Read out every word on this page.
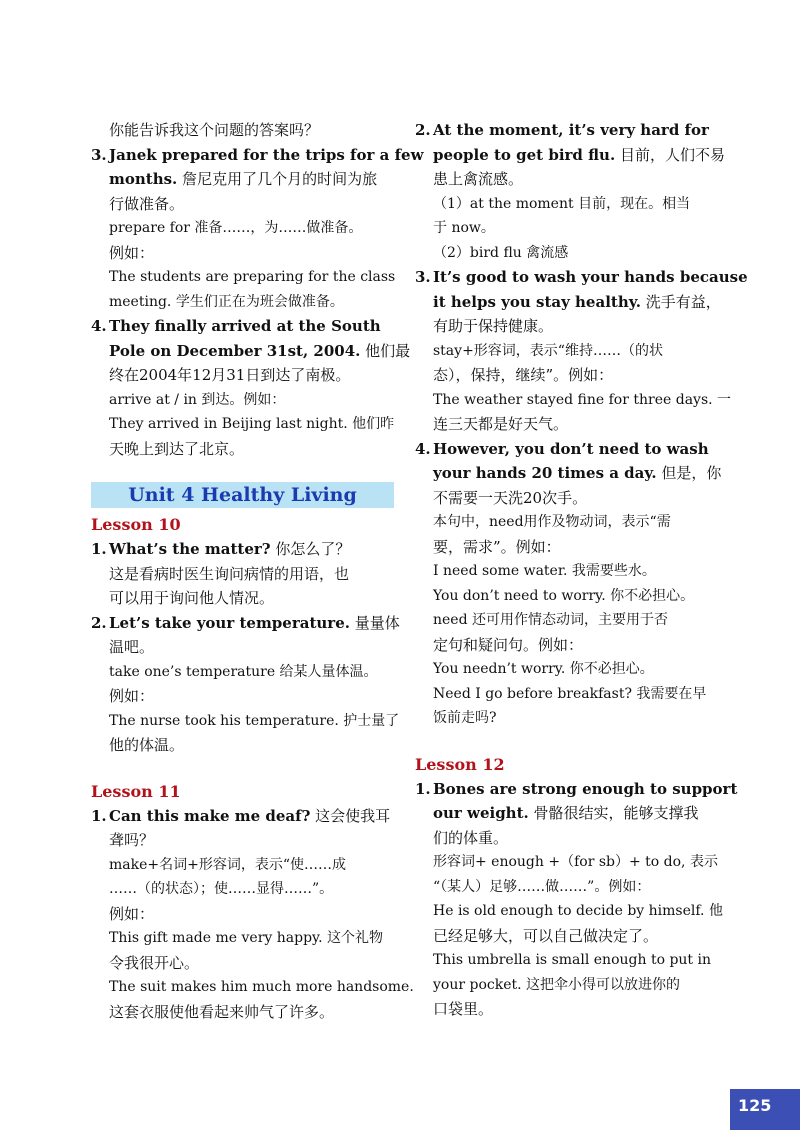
你能告诉我这个问题的答案吗？
3. Janek prepared for the trips for a few
months. 詹尼克用了几个月的时间为旅
行做准备。
prepare for 准备……，为……做准备。
例如：
The students are preparing for the class
meeting. 学生们正在为班会做准备。
4. They finally arrived at the South
Pole on December 31st, 2004. 他们最
终在2004年12月31日到达了南极。
arrive at / in 到达。例如：
They arrived in Beijing last night. 他们昨
天晚上到达了北京。
Unit 4 Healthy Living
Lesson 10
1. What’s the matter? 你怎么了？
这是看病时医生询问病情的用语，也
可以用于询问他人情况。
2. Let’s take your temperature. 量量体
温吧。
take one’s temperature 给某人量体温。
例如：
The nurse took his temperature. 护士量了
他的体温。
Lesson 11
1. Can this make me deaf? 这会使我耳
聋吗？
make+名词+形容词，表示“使……成
……（的状态）；使……显得……”。
例如：
This gift made me very happy. 这个礼物
令我很开心。
The suit makes him much more handsome.
这套衣服使他看起来帅气了许多。
2. At the moment, it’s very hard for
people to get bird flu. 目前，人们不易
患上禽流感。
（1）at the moment 目前，现在。相当
于 now。
（2）bird flu 禽流感
3. It’s good to wash your hands because
it helps you stay healthy. 洗手有益，
有助于保持健康。
stay+形容词，表示“维持……（的状
态），保持，继续”。例如：
The weather stayed fine for three days. 一
连三天都是好天气。
4. However, you don’t need to wash
your hands 20 times a day. 但是，你
不需要一天洗20次手。
本句中，need用作及物动词，表示“需
要，需求”。例如：
I need some water. 我需要些水。
You don’t need to worry. 你不必担心。
need 还可用作情态动词，主要用于否
定句和疑问句。例如：
You needn’t worry. 你不必担心。
Need I go before breakfast? 我需要在早
饭前走吗?
Lesson 12
1. Bones are strong enough to support
our weight. 骨骼很结实，能够支撑我
们的体重。
形容词+ enough +（for sb）+ to do, 表示
“（某人）足够……做……”。例如：
He is old enough to decide by himself. 他
已经足够大，可以自己做决定了。
This umbrella is small enough to put in
your pocket. 这把伞小得可以放进你的
口袋里。
125
